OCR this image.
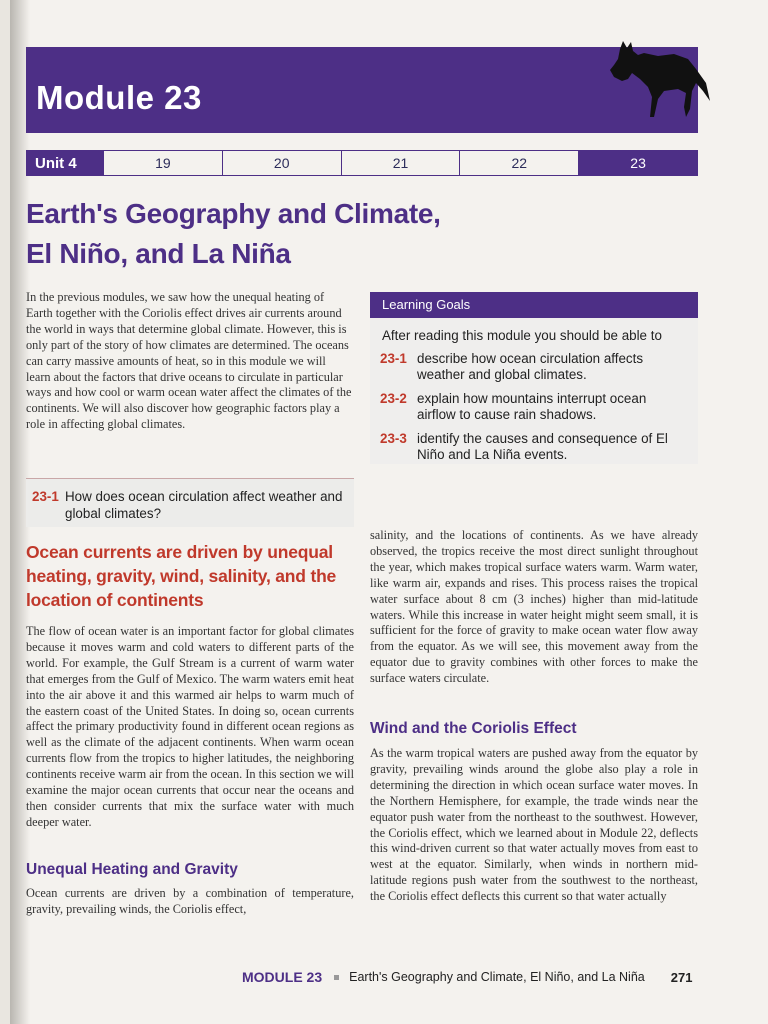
Module 23
Unit 4	19	20	21	22	23
Earth's Geography and Climate,
El Niño, and La Niña
In the previous modules, we saw how the unequal heating of Earth together with the Coriolis effect drives air currents around the world in ways that determine global climate. However, this is only part of the story of how climates are determined. The oceans can carry massive amounts of heat, so in this module we will learn about the factors that drive oceans to circulate in particular ways and how cool or warm ocean water affect the climates of the continents. We will also discover how geographic factors play a role in affecting global climates.
Learning Goals
After reading this module you should be able to
23-1 describe how ocean circulation affects weather and global climates.
23-2 explain how mountains interrupt ocean airflow to cause rain shadows.
23-3 identify the causes and consequence of El Niño and La Niña events.
23-1 How does ocean circulation affect weather and global climates?
Ocean currents are driven by unequal heating, gravity, wind, salinity, and the location of continents
The flow of ocean water is an important factor for global climates because it moves warm and cold waters to different parts of the world. For example, the Gulf Stream is a current of warm water that emerges from the Gulf of Mexico. The warm waters emit heat into the air above it and this warmed air helps to warm much of the eastern coast of the United States. In doing so, ocean currents affect the primary productivity found in different ocean regions as well as the climate of the adjacent continents. When warm ocean currents flow from the tropics to higher latitudes, the neighboring continents receive warm air from the ocean. In this section we will examine the major ocean currents that occur near the oceans and then consider currents that mix the surface water with much deeper water.
Unequal Heating and Gravity
Ocean currents are driven by a combination of temperature, gravity, prevailing winds, the Coriolis effect,
salinity, and the locations of continents. As we have already observed, the tropics receive the most direct sunlight throughout the year, which makes tropical surface waters warm. Warm water, like warm air, expands and rises. This process raises the tropical water surface about 8 cm (3 inches) higher than mid-latitude waters. While this increase in water height might seem small, it is sufficient for the force of gravity to make ocean water flow away from the equator. As we will see, this movement away from the equator due to gravity combines with other forces to make the surface waters circulate.
Wind and the Coriolis Effect
As the warm tropical waters are pushed away from the equator by gravity, prevailing winds around the globe also play a role in determining the direction in which ocean surface water moves. In the Northern Hemisphere, for example, the trade winds near the equator push water from the northeast to the southwest. However, the Coriolis effect, which we learned about in Module 22, deflects this wind-driven current so that water actually moves from east to west at the equator. Similarly, when winds in northern mid-latitude regions push water from the southwest to the northeast, the Coriolis effect deflects this current so that water actually
MODULE 23 Earth's Geography and Climate, El Niño, and La Niña 271
